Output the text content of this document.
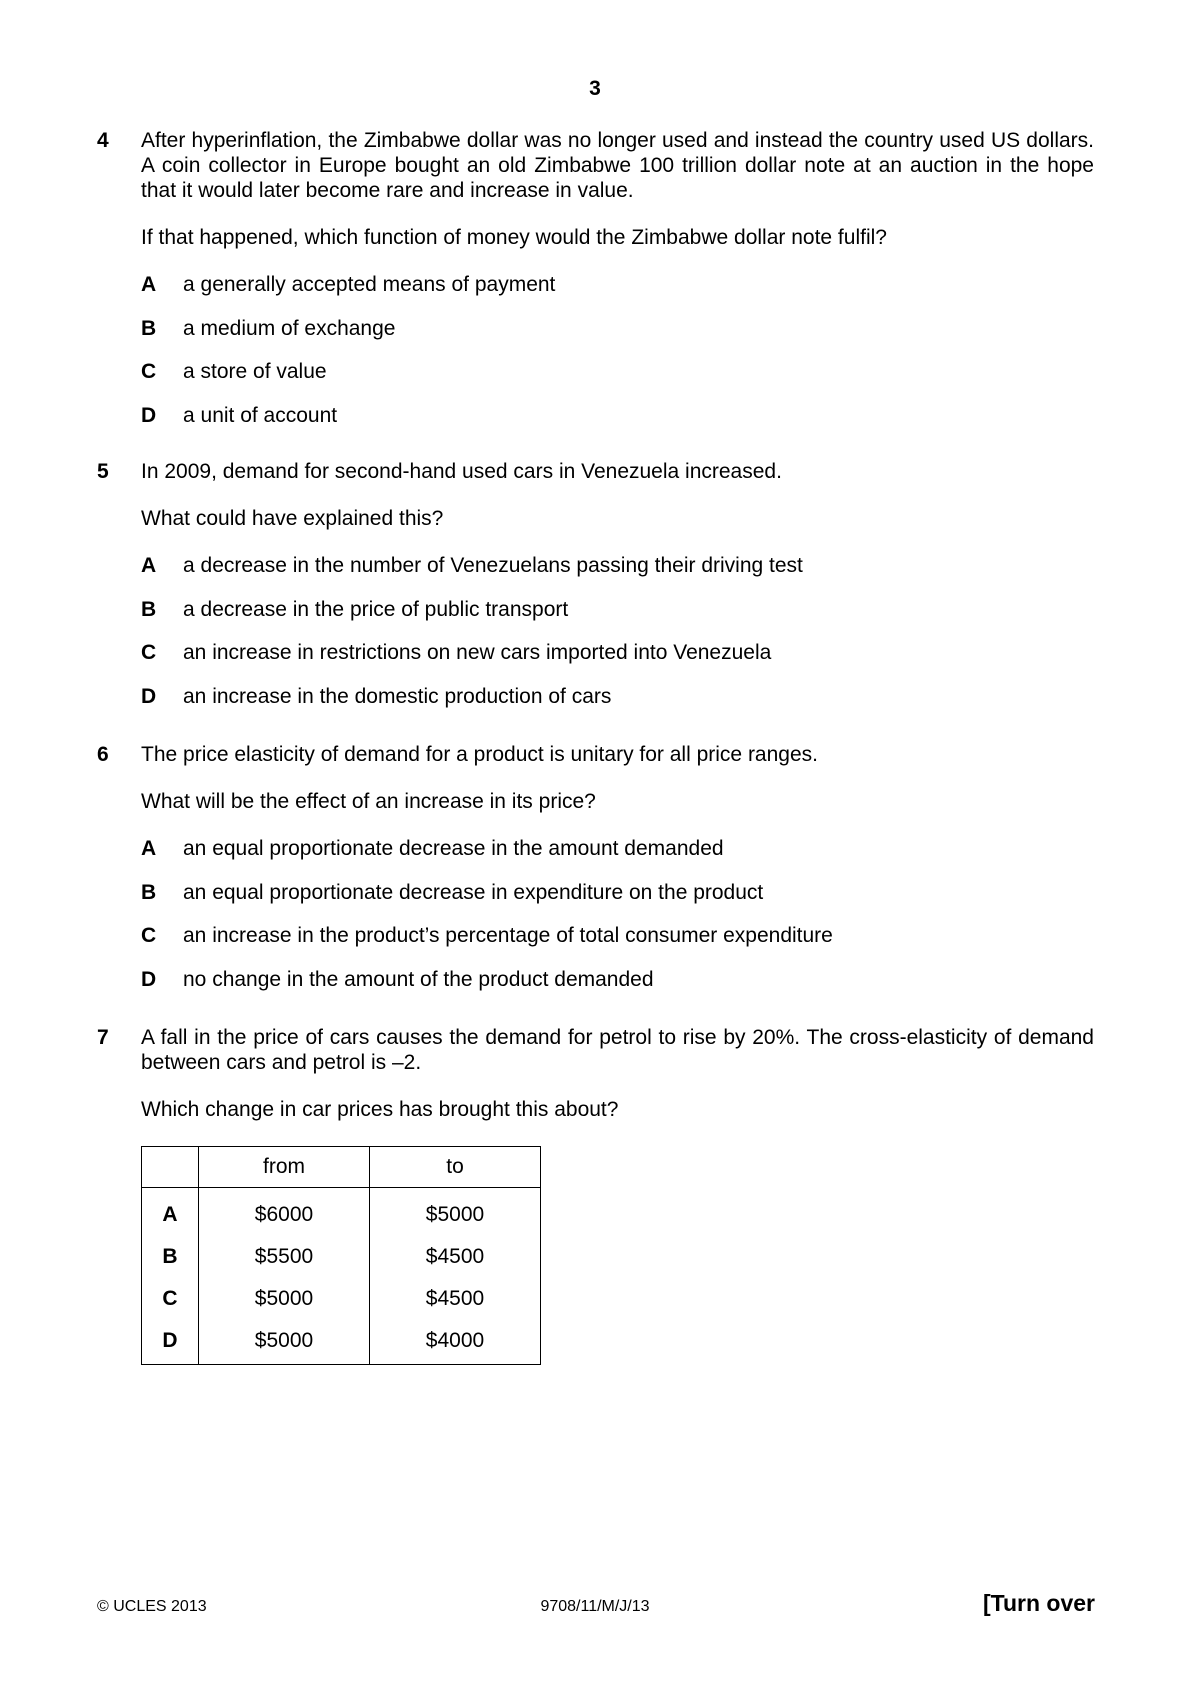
3
4 After hyperinflation, the Zimbabwe dollar was no longer used and instead the country used US dollars. A coin collector in Europe bought an old Zimbabwe 100 trillion dollar note at an auction in the hope that it would later become rare and increase in value.

If that happened, which function of money would the Zimbabwe dollar note fulfil?

A a generally accepted means of payment
B a medium of exchange
C a store of value
D a unit of account
5 In 2009, demand for second-hand used cars in Venezuela increased.

What could have explained this?

A a decrease in the number of Venezuelans passing their driving test
B a decrease in the price of public transport
C an increase in restrictions on new cars imported into Venezuela
D an increase in the domestic production of cars
6 The price elasticity of demand for a product is unitary for all price ranges.

What will be the effect of an increase in its price?

A an equal proportionate decrease in the amount demanded
B an equal proportionate decrease in expenditure on the product
C an increase in the product’s percentage of total consumer expenditure
D no change in the amount of the product demanded
7 A fall in the price of cars causes the demand for petrol to rise by 20%. The cross-elasticity of demand between cars and petrol is –2.

Which change in car prices has brought this about?

	from	to
A	$6000	$5000
B	$5500	$4500
C	$5000	$4500
D	$5000	$4000
© UCLES 2013	9708/11/M/J/13	[Turn over
